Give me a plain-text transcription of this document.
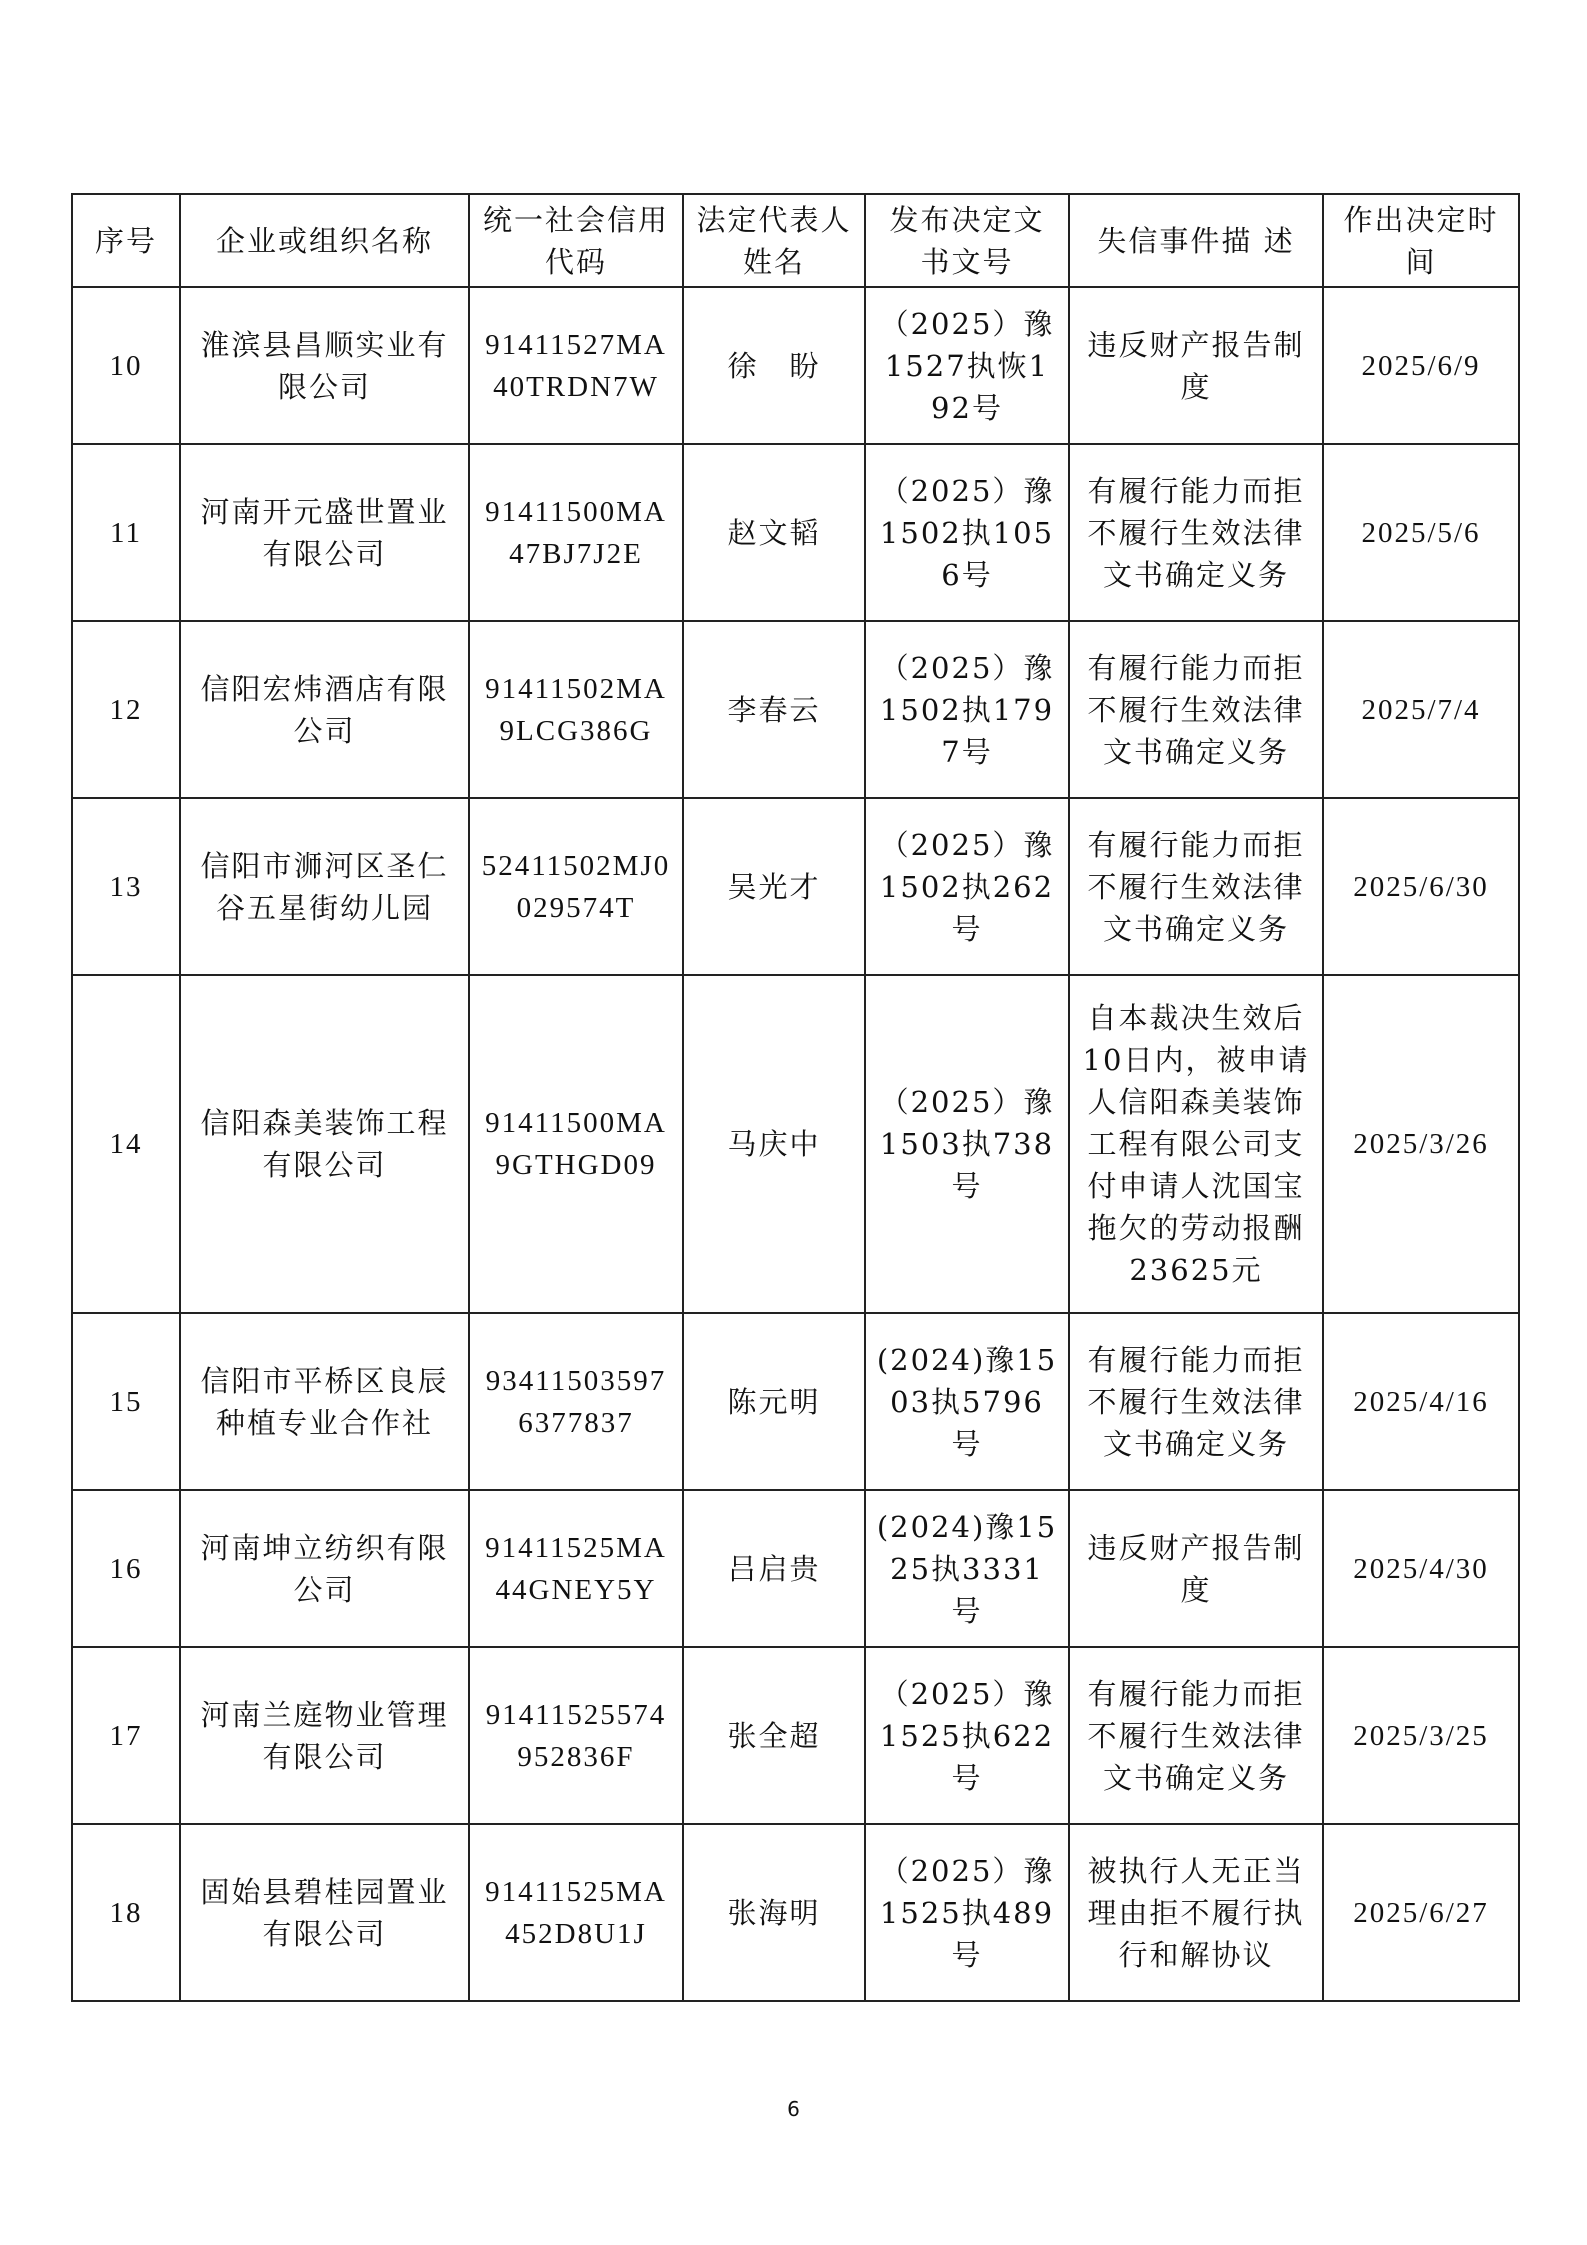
序号	企业或组织名称	统一社会信用代码	法定代表人姓名	发布决定文书文号	失信事件描 述	作出决定时 间
10	淮滨县昌顺实业有限公司	91411527MA40TRDN7W	徐　盼	（2025）豫1527执恢192号	违反财产报告制度	2025/6/9
11	河南开元盛世置业有限公司	91411500MA47BJ7J2E	赵文韬	（2025）豫1502执1056号	有履行能力而拒不履行生效法律文书确定义务	2025/5/6
12	信阳宏炜酒店有限公司	91411502MA9LCG386G	李春云	（2025）豫1502执1797号	有履行能力而拒不履行生效法律文书确定义务	2025/7/4
13	信阳市浉河区圣仁谷五星街幼儿园	52411502MJ0029574T	吴光才	（2025）豫1502执262号	有履行能力而拒不履行生效法律文书确定义务	2025/6/30
14	信阳森美装饰工程有限公司	91411500MA9GTHGD09	马庆中	（2025）豫1503执738号	自本裁决生效后10日内，被申请人信阳森美装饰工程有限公司支付申请人沈国宝拖欠的劳动报酬23625元	2025/3/26
15	信阳市平桥区良辰种植专业合作社	934115035976377837	陈元明	(2024)豫1503执5796号	有履行能力而拒不履行生效法律文书确定义务	2025/4/16
16	河南坤立纺织有限公司	91411525MA44GNEY5Y	吕启贵	(2024)豫1525执3331号	违反财产报告制度	2025/4/30
17	河南兰庭物业管理有限公司	91411525574952836F	张全超	（2025）豫1525执622号	有履行能力而拒不履行生效法律文书确定义务	2025/3/25
18	固始县碧桂园置业有限公司	91411525MA452D8U1J	张海明	（2025）豫1525执489号	被执行人无正当理由拒不履行执行和解协议	2025/6/27
6
